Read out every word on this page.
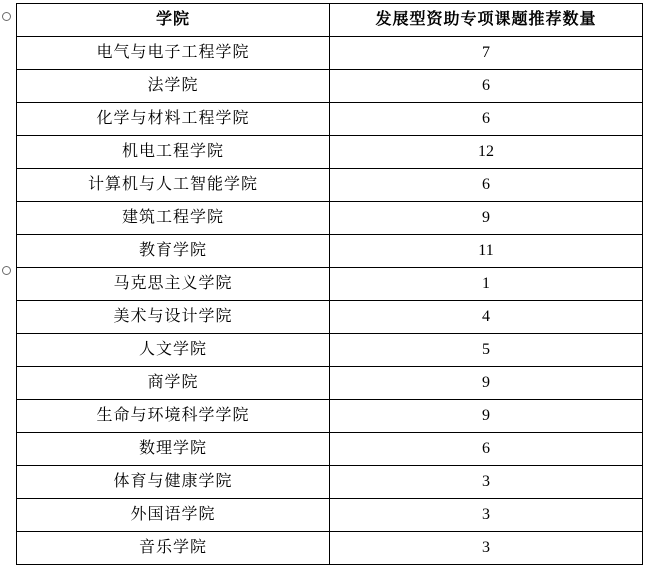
学院	发展型资助专项课题推荐数量
电气与电子工程学院	7
法学院	6
化学与材料工程学院	6
机电工程学院	12
计算机与人工智能学院	6
建筑工程学院	9
教育学院	11
马克思主义学院	1
美术与设计学院	4
人文学院	5
商学院	9
生命与环境科学学院	9
数理学院	6
体育与健康学院	3
外国语学院	3
音乐学院	3
